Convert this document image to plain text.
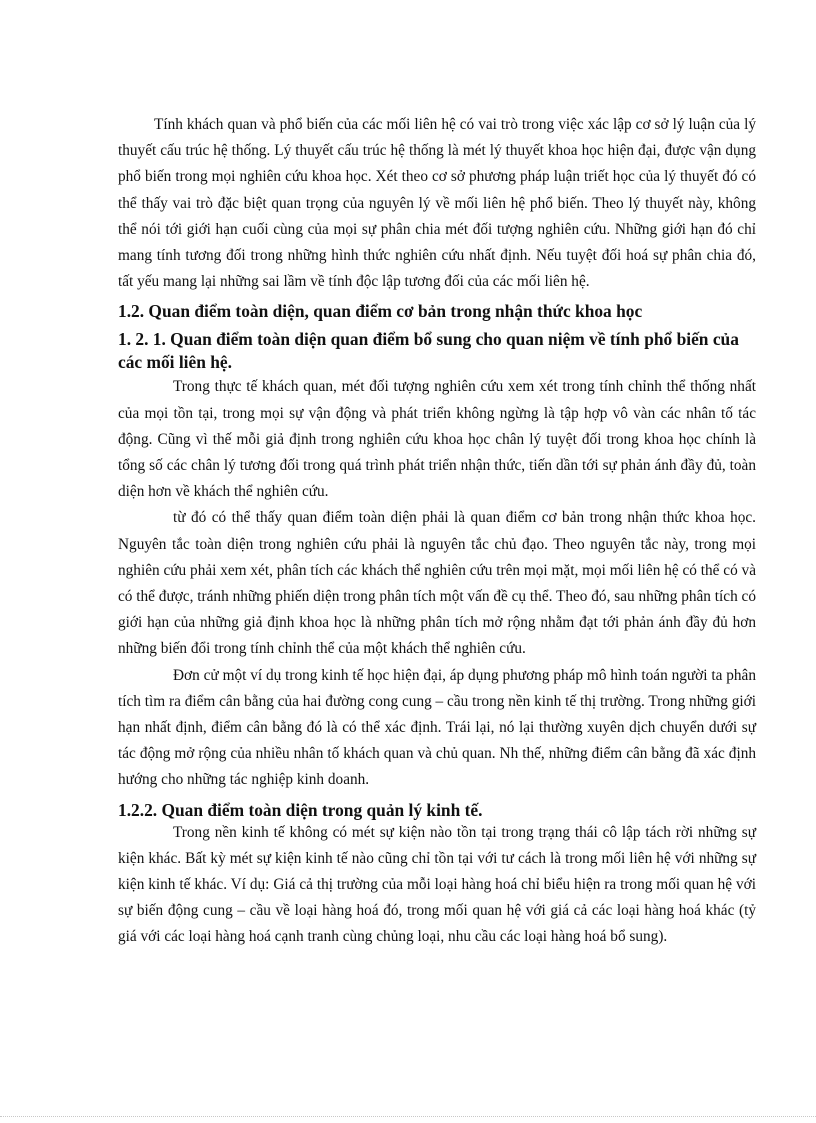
Tính khách quan và phổ biến của các mối liên hệ có vai trò trong việc xác lập cơ sở lý luận của lý thuyết cấu trúc hệ thống. Lý thuyết cấu trúc hệ thống là mét lý thuyết khoa học hiện đại, được vận dụng phổ biến trong mọi nghiên cứu khoa học. Xét theo cơ sở phương pháp luận triết học của lý thuyết đó có thể thấy vai trò đặc biệt quan trọng của nguyên lý về mối liên hệ phổ biến. Theo lý thuyết này, không thể nói tới giới hạn cuối cùng của mọi sự phân chia mét đối tượng nghiên cứu. Những giới hạn đó chỉ mang tính tương đối trong những hình thức nghiên cứu nhất định. Nếu tuyệt đối hoá sự phân chia đó, tất yếu mang lại những sai lầm về tính độc lập tương đối của các mối liên hệ.

1.2. Quan điểm toàn diện, quan điểm cơ bản trong nhận thức khoa học
1. 2. 1. Quan điểm toàn diện quan điểm bổ sung cho quan niệm về tính phổ biến của các mối liên hệ.

Trong thực tế khách quan, mét đối tượng nghiên cứu xem xét trong tính chỉnh thể thống nhất của mọi tồn tại, trong mọi sự vận động và phát triển không ngừng là tập hợp vô vàn các nhân tố tác động. Cũng vì thế mỗi giả định trong nghiên cứu khoa học chân lý tuyệt đối trong khoa học chính là tổng số các chân lý tương đối trong quá trình phát triển nhận thức, tiến dần tới sự phản ánh đầy đủ, toàn diện hơn về khách thể nghiên cứu.

từ đó có thể thấy quan điểm toàn diện phải là quan điểm cơ bản trong nhận thức khoa học. Nguyên tắc toàn diện trong nghiên cứu phải là nguyên tắc chủ đạo. Theo nguyên tắc này, trong mọi nghiên cứu phải xem xét, phân tích các khách thể nghiên cứu trên mọi mặt, mọi mối liên hệ có thể có và có thể được, tránh những phiến diện trong phân tích một vấn đề cụ thể. Theo đó, sau những phân tích có giới hạn của những giả định khoa học là những phân tích mở rộng nhằm đạt tới phản ánh đầy đủ hơn những biến đổi trong tính chỉnh thể của một khách thể nghiên cứu.

Đơn cử một ví dụ trong kinh tế học hiện đại, áp dụng phương pháp mô hình toán người ta phân tích tìm ra điểm cân bằng của hai đường cong cung – cầu trong nền kinh tế thị trường. Trong những giới hạn nhất định, điểm cân bằng đó là có thể xác định. Trái lại, nó lại thường xuyên dịch chuyển dưới sự tác động mở rộng của nhiều nhân tố khách quan và chủ quan. Nh thế, những điểm cân bằng đã xác định hướng cho những tác nghiệp kinh doanh.

1.2.2. Quan điểm toàn diện trong quản lý kinh tế.

Trong nền kinh tế không có mét sự kiện nào tồn tại trong trạng thái cô lập tách rời những sự kiện khác. Bất kỳ mét sự kiện kinh tế nào cũng chỉ tồn tại với tư cách là trong mối liên hệ với những sự kiện kinh tế khác. Ví dụ: Giá cả thị trường của mỗi loại hàng hoá chỉ biểu hiện ra trong mối quan hệ với sự biến động cung – cầu về loại hàng hoá đó, trong mối quan hệ với giá cả các loại hàng hoá khác (tỷ giá với các loại hàng hoá cạnh tranh cùng chủng loại, nhu cầu các loại hàng hoá bổ sung).
